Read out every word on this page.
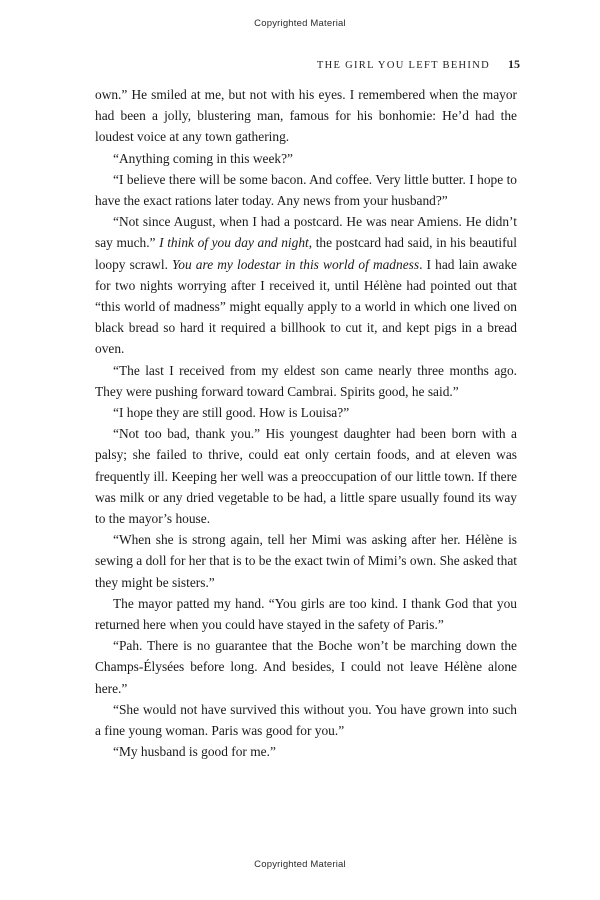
Copyrighted Material
THE GIRL YOU LEFT BEHIND 15

own.” He smiled at me, but not with his eyes. I remembered when the mayor had been a jolly, blustering man, famous for his bonhomie: He’d had the loudest voice at any town gathering.

“Anything coming in this week?”

“I believe there will be some bacon. And coffee. Very little butter. I hope to have the exact rations later today. Any news from your husband?”

“Not since August, when I had a postcard. He was near Amiens. He didn’t say much.” I think of you day and night, the postcard had said, in his beautiful loopy scrawl. You are my lodestar in this world of madness. I had lain awake for two nights worrying after I received it, until Hélène had pointed out that “this world of madness” might equally apply to a world in which one lived on black bread so hard it required a billhook to cut it, and kept pigs in a bread oven.

“The last I received from my eldest son came nearly three months ago. They were pushing forward toward Cambrai. Spirits good, he said.”

“I hope they are still good. How is Louisa?”

“Not too bad, thank you.” His youngest daughter had been born with a palsy; she failed to thrive, could eat only certain foods, and at eleven was frequently ill. Keeping her well was a preoccupation of our little town. If there was milk or any dried vegetable to be had, a little spare usually found its way to the mayor’s house.

“When she is strong again, tell her Mimi was asking after her. Hélène is sewing a doll for her that is to be the exact twin of Mimi’s own. She asked that they might be sisters.”

The mayor patted my hand. “You girls are too kind. I thank God that you returned here when you could have stayed in the safety of Paris.”

“Pah. There is no guarantee that the Boche won’t be marching down the Champs-Élysées before long. And besides, I could not leave Hélène alone here.”

“She would not have survived this without you. You have grown into such a fine young woman. Paris was good for you.”

“My husband is good for me.”

Copyrighted Material
